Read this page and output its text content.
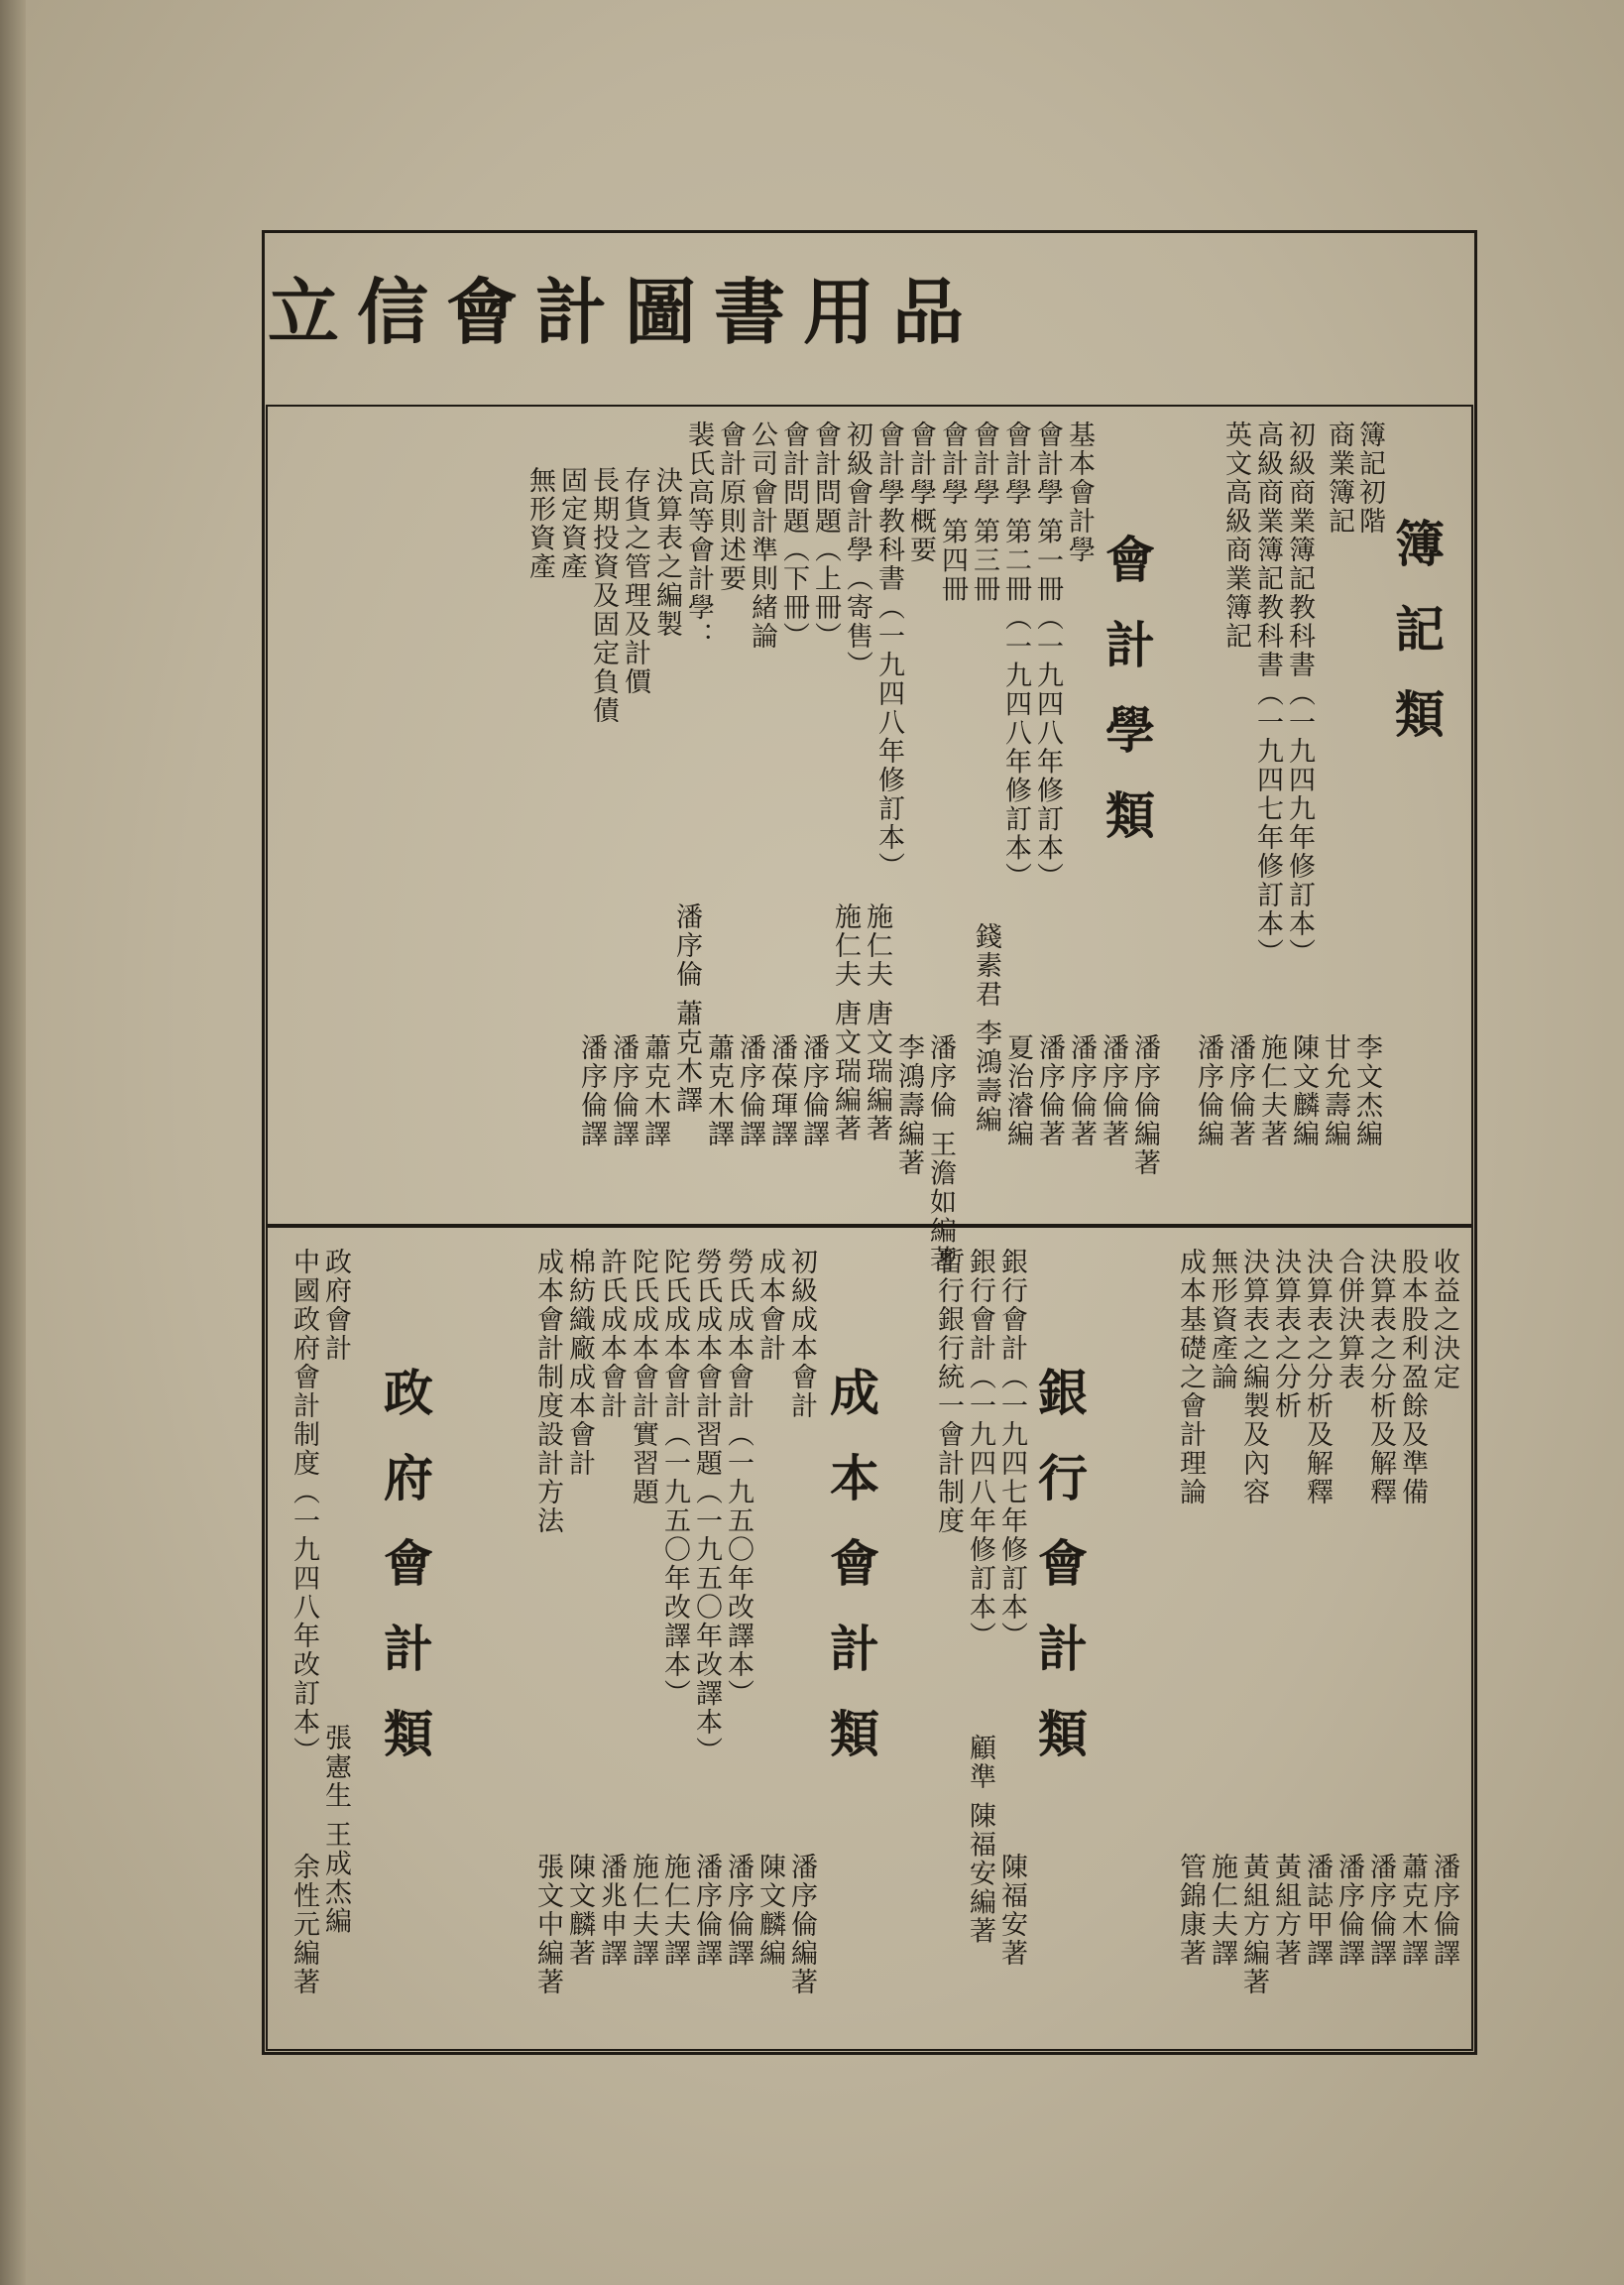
立信會計圖書用品
簿記類
簿記初階
商業簿記
初級商業簿記教科書（一九四九年修訂本）
高級商業簿記教科書（一九四七年修訂本）
英文高級商業簿記
會計學類
基本會計學
會計學 第一冊（一九四八年修訂本）
會計學 第二冊（一九四八年修訂本）
會計學 第三冊
會計學 第四冊
會計學概要
會計學教科書（一九四八年修訂本）
初級會計學（寄售）
會計問題（上冊）
會計問題（下冊）
公司會計準則緒論
會計原則述要
裴氏高等會計學：
決算表之編製
存貨之管理及計價
長期投資及固定負債
固定資產
無形資產
李文杰編
甘允壽編
陳文麟編
施仁夫著
潘序倫著
潘序倫編
潘序倫編著
潘序倫著
潘序倫著
潘序倫著
夏治濬編
錢素君 李鴻壽編
潘序倫 王澹如編著
李鴻壽編著
施仁夫 唐文瑞編著
施仁夫 唐文瑞編著
潘序倫譯
潘葆琿譯
潘序倫譯
蕭克木譯
潘序倫 蕭克木譯
蕭克木譯
潘序倫譯
潘序倫譯
銀行會計類
成本會計類
政府會計類
收益之決定
股本股利盈餘及準備
決算表之分析及解釋
合併決算表
決算表之分析及解釋
決算表之分析
決算表之編製及內容
無形資產論
成本基礎之會計理論
銀行會計（一九四七年修訂本）
銀行會計（一九四八年修訂本）
暫行銀行統一會計制度
初級成本會計
成本會計
勞氏成本會計（一九五〇年改譯本）
勞氏成本會計習題（一九五〇年改譯本）
陀氏成本會計（一九五〇年改譯本）
陀氏成本會計實習題
許氏成本會計
棉紡織廠成本會計
成本會計制度設計方法
政府會計
中國政府會計制度（一九四八年改訂本）
潘序倫譯
蕭克木譯
潘序倫譯
潘序倫譯
潘誌甲譯
黃組方著
黃組方編著
施仁夫譯
管錦康著
陳福安著
顧準 陳福安編著
潘序倫編著
陳文麟編
潘序倫譯
潘序倫譯
施仁夫譯
施仁夫譯
潘兆申譯
陳文麟著
張文中編著
張憲生 王成杰編
余性元編著
